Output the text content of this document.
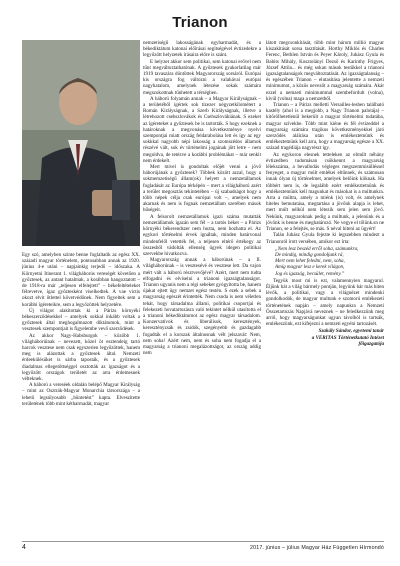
Trianon

Egy szó, amelyben szinte benne foglaltatik az egész XX. századi magyar történelem, pontosabban annak az 1920. június 4-e utáni – napjainkig terjedő – időszaka. A Környetni Itinerant 1. világháborús vereségét követően a győztesek, az antant hatalmak, a korábban hangoztatott – de 1918-ra már „teljesen elfelejtett” – békefeltételeket félrevetve, ígaz győztesként viselkedtek. A vae victis okozt elvit őtlettel követvédőnek. Nem figyeltek sem a korábbi ígéreteikre, sem a legyőzöttek helyzetére.

Új világot alakítottak ki a Párizs környéki békeszerződésekkel – amelyek sokkal inkább voltak a győztesek által meghogalmazott diktátumok, mint a vesztesek szempontjait is figyelembe vevő szerződések.

Az akkor Nagy-Habsburgok – közöbb 1. világháborúinak – nevezett, közel öt esztendeig tartó harcok vesztese nem csak egyszerien legyőzöttek, hanem meg is alázottak a győztesek által. Nemzeti érdeekülésüket is sárba taposták, és a győztesek diadalmas ellegetőttséggel osztották az igazságot és a legyőzött országok területét az arra érdemesnek vélteknek.

A háború a vereséek oldalán belépő Magyar Királyság – mint az Osztrák-Magyar Monarchia társországa – a lehető legsúlyosabb „büntetést” kapta. Elveszítette területének több mint kétharmadát, magyar

nemzetiségű lakosságának egyharmadát, és a békediktátum katonai előírásai segítségével évtizedekre a legyőzött helyzetek írásaira előre is szánt.

E helyzet akkor sem politikai, sem katonai erővel nem tűnt megváltoztathatónak. A győztesek gyakorlatilag már 1919 tavaszára döntöttek Magyarország sorsáról. Európai kis országra fog változni a valahávai európai nagyhatalom, amelynek létezése sokak számára megszokottnak tűnhetett a térségben.

A háború folyamán annak – a Magyar Királyságnak – a területéből igértek sok tízezer négyzetkilométert a Román Királyságnak, a Szerb Királyságnak, illetve a létrehozott csehszlovákok és Csehszlovákiának. S ezeket az ígéreteket a győztesek be is tartották. S hogy ezeknek a határoknak a megvonása következménye nyelvi szempontjai miatt ország feldarabolása lett és így az egy sokkkal nagyobb népi lakosság a szomszédos államok részévé vált, sok év történelmi jogainak jött letre – nem megoldva, de tetézve a korábbi problémákat – már senkit nem érdekelt.

Mert mivel is gondoltak előjét venni a jövő háborújának a győztesek? Többek között azzal, hogy a sokmemzetiségű állam(ok) helyett a nemzetállamok fogladását az Európa térképén – mert a világháború azért a terület megosztás tekintetében – új szabadságot hogy a több népek célja csak európai volt –, amelyek nem akarnak és nem is fognak nemzetállam szerében mások hűségeit.

A felsorolt nemzetállamok igazi száma mutatták nemzetállamok igazán sem fél – a tartós béket – a Párizs környéki békerendszer nem hozta, nem hozhatta el. Az egykori tőrténelmi érvek ignáltak, minden határvonal mindenfelől vetették fel, a teljesen eltérő értékegy az összesből vádolták ellenség ügyek idegen politikai szervekbe hivatkozva.

Magyarország annak a háborúnak – a II. világháborúnak – is vesztesévé és vesztese lett. Da vajon mért vált a háború résztvevőjévé? Azért, mert nem tudta elfogadni és elviselni a trianoni igazságtalanságot. Trianon ugyanis nem a régi sebeket gyógyította be, hanem újakat ejtett ügy nemzet egész testén. S ezek a sebek a magyarság egészét érintették. Nem csoda is nem véletlen tehát, hogy társadalma állami, politikai csoportjai és felekezeti hovatartozásra való tekintet nélkül utasította el a trianoni békediktátumot az egész magyar társadalom. Konzervatívok és liberálisok, keresztények, keresztényzsák és zsidók, szegényebb és gazdagabb fogadták el a korszak általnosnak vélt jelszavát: Nem, nem soha! Azért nem, nem és soha nem fogadja el a magyarság a trianoni megalázottságot, az ország addig nem

látott megcsonkítását, több mint három millió magyar kiszakítását sorsa tasztítását. Horthy Miklós és Charles Ferenc, Bethlen István és Peyer Károly, Juhász Gyula és Babits Mihály, Kosztolányi Dezső és Karinthy Frigyes, József Attila... és még sokan mások testükkel a trianoni igazságtalanságok megváltoztatását. Az igazságtalanság – és egészében Trianon – elutasítása jelentette a nemzeti minimumot, a közös nevezőt a magyarság számára. Akár ezzel a nemzeti minimummal szembefordult (volna), kívül (volna) maga a nemzetből.

Trianon – a Párizs melletti Versailles-lesben található kastély (ahol is a megjobb, a Nagy Trianon palotája) – kitörölhetetlenül bekerült a magyar történelmi tudatába, magyar szívekbe. Több mint kiéne és fél évtizeddel a magyarság számára tragikus következményekkel járó szerződés aláírása után is emlékeztetnünk és emlékeztetnünk kell arra, hogy a magyarság egésze a XX. század tragédiája nagyrészt így.

Az egykoron elesnek tetteleken az elmúlt néhány évtizedben tudomásan csökkennt a magyarság lélekszáma, a bevallodás végleges megszemmisüllésseI fenyeget, a magyar múlt emlékei eltűnnek, és számosan innak ólyan új történelmet, amelyek belőink kiiknak. Ha többért nem is, de legalább ezért emlékeztetnünk és emlékeztetnünk kell magunkat és másokat is a múltunkra. Arra a múltra, amely a miénk (is) volt, és amelynek hiteles bemutatása, megtartása a jövőnk alapja is lehet, mert múlt nélkül nem létezik sem jelen sem jövő. Nekünk, magyaroknak pedig a múltunk, a jelenünk és a jövőnk is benne és meghatározó. Ne vegye el tőlünk.sn ne Trianon, se a felejtés, se más. S néval hiteni az ügyért!

Talán Juhász Gyula fejezte ki legszebben mindezt a Trianonról írott versében, amikor ezt írta:

„Nem lesz beszéd erről soha, számunkra,

De mindig, mindig gondoljunk rá,

Mert nem lehet feledni, nem, soha,

Amíg magyar lesz e kerek világon,

Jog és igazság, becsület, remény.”

Tegyük most mi is ezt, valamennyien magyarul. Éljünk hát a világ bármely pontján, legyünk bár más hiten lévők, a politikai, vagy a világnézet mindenki gondolkodók, de magyar multunk e szomorú emlékezeti történetének napján – amely napunkra a Nemzeti Összetartozás Napjává neveznek – ne feledkezzünk meg arról, hogy magyarságunkat ugyan távolból is tartsák, emlékezzünk, ezt kifejezni a nemzeti egyéni tartozásét.

Szakály Sándor, egyetemi tanár

a VERITAS Történetkutató Intézet

főigazgatója

4	2017. június – július Magyar Ház Független Hírmondó
